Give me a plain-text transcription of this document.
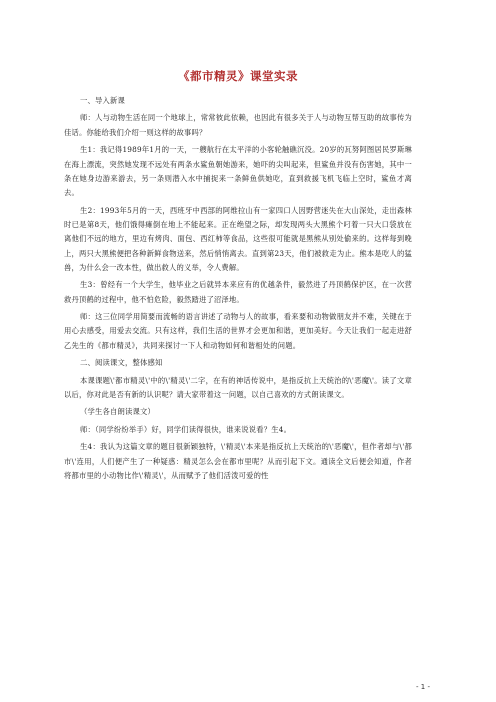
《都市精灵》课堂实录

一、导入新课

师：人与动物生活在同一个地球上，常常彼此依赖，也因此有很多关于人与动物互帮互助的故事传为佳话。你能给我们介绍一则这样的故事吗？

生1：我记得1989年1月的一天，一艘航行在太平洋的小客轮触礁沉没。20岁的瓦努阿图居民罗斯琳在海上漂流，突然她发现不远处有两条水鲨鱼朝她游来，她吓的尖叫起来，但鲨鱼并没有伤害她，其中一条在她身边游来游去，另一条则潜入水中捕捉来一条鲜鱼供她吃，直到救援飞机飞临上空时，鲨鱼才离去。

生2：1993年5月的一天，西班牙中西部的阿维拉山有一家四口人因野营迷失在大山深处，走出森林时已是第8天，他们饿得瘫倒在地上不能起来。正在绝望之际，却发现两头大黑熊个叼着一只大口袋放在离他们不远的地方，里边有烤肉、面包、西红柿等食品，这些很可能就是黑熊从别处偷来的。这样每到晚上，两只大黑熊便把各种新鲜食物送来，然后悄悄离去。直到第23天，他们被救走为止。熊本是吃人的猛兽，为什么会一改本性，做出救人的义举，令人费解。

生3：曾经有一个大学生，他毕业之后就异本来应有的优越条件，毅然进了丹顶鹤保护区，在一次营救丹顶鹤的过程中，他不怕危险，毅然踏进了沼泽地。

师：这三位同学用简要而流畅的语言讲述了动物与人的故事，看来要和动物做朋友并不难，关键在于用心去感受，用爱去交流。只有这样，我们生活的世界才会更加和谐，更加美好。今天让我们一起走进舒乙先生的《都市精灵》，共同来探讨一下人和动物如何和谐相处的问题。

二、阅读课文，整体感知

本课课题\'都市精灵\'中的\'精灵\'二字，在有的神话传说中，是指反抗上天统治的\'恶魔\'。读了文章以后，你对此是否有新的认识呢？请大家带着这一问题，以自己喜欢的方式朗读课文。

（学生各自朗读课文）

师：（同学纷纷举手）好，同学们读得很快，谁来说说看？生4。

生4：我认为这篇文章的题目很新颖独特，\'精灵\'本来是指反抗上天统治的\'恶魔\'，但作者却与\'都市\'连用，人们便产生了一种疑惑：精灵怎么会在都市里呢？从而引起下文。通读全文后便会知道，作者将都市里的小动物比作\'精灵\'，从而赋予了他们活泼可爱的性

- 1 -
